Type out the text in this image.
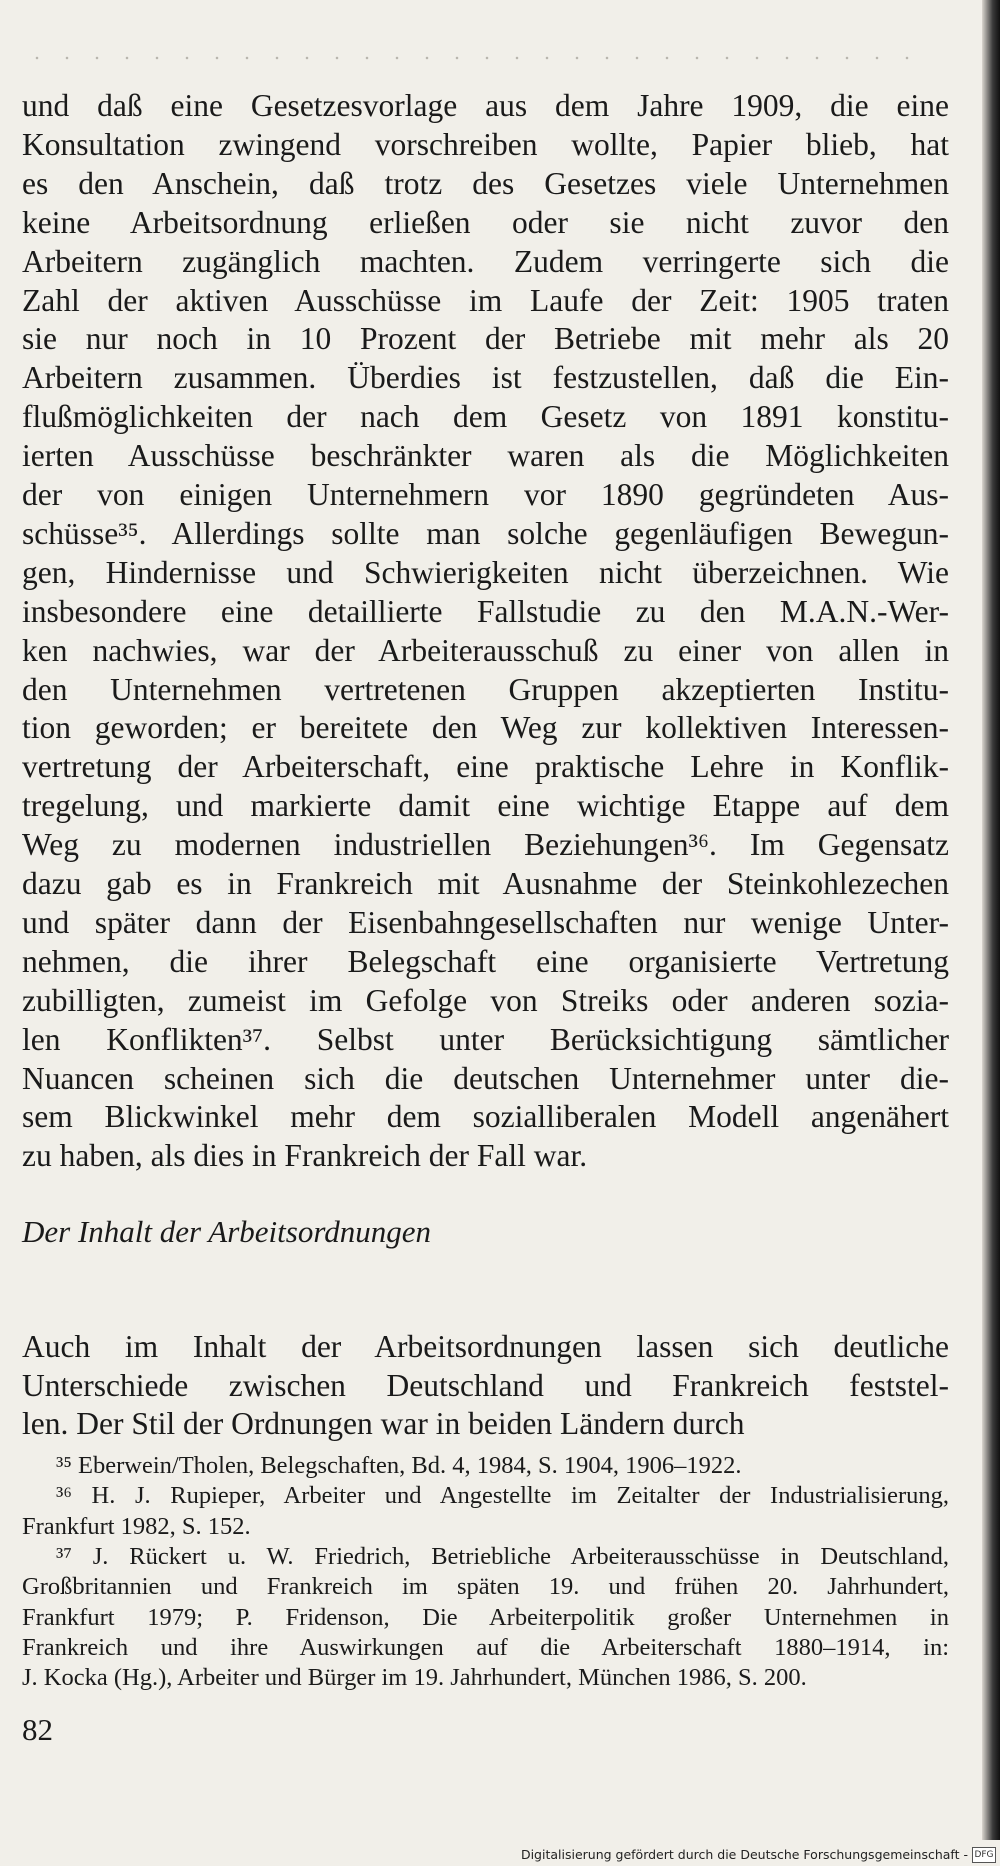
und daß eine Gesetzesvorlage aus dem Jahre 1909, die eine
Konsultation zwingend vorschreiben wollte, Papier blieb, hat
es den Anschein, daß trotz des Gesetzes viele Unternehmen
keine Arbeitsordnung erließen oder sie nicht zuvor den
Arbeitern zugänglich machten. Zudem verringerte sich die
Zahl der aktiven Ausschüsse im Laufe der Zeit: 1905 traten
sie nur noch in 10 Prozent der Betriebe mit mehr als 20
Arbeitern zusammen. Überdies ist festzustellen, daß die Ein-
flußmöglichkeiten der nach dem Gesetz von 1891 konstitu-
ierten Ausschüsse beschränkter waren als die Möglichkeiten
der von einigen Unternehmern vor 1890 gegründeten Aus-
schüsse³⁵. Allerdings sollte man solche gegenläufigen Bewegun-
gen, Hindernisse und Schwierigkeiten nicht überzeichnen. Wie
insbesondere eine detaillierte Fallstudie zu den M.A.N.-Wer-
ken nachwies, war der Arbeiterausschuß zu einer von allen in
den Unternehmen vertretenen Gruppen akzeptierten Institu-
tion geworden; er bereitete den Weg zur kollektiven Interessen-
vertretung der Arbeiterschaft, eine praktische Lehre in Konflik-
tregelung, und markierte damit eine wichtige Etappe auf dem
Weg zu modernen industriellen Beziehungen³⁶. Im Gegensatz
dazu gab es in Frankreich mit Ausnahme der Steinkohlezechen
und später dann der Eisenbahngesellschaften nur wenige Unter-
nehmen, die ihrer Belegschaft eine organisierte Vertretung
zubilligten, zumeist im Gefolge von Streiks oder anderen sozia-
len Konflikten³⁷. Selbst unter Berücksichtigung sämtlicher
Nuancen scheinen sich die deutschen Unternehmer unter die-
sem Blickwinkel mehr dem sozialliberalen Modell angenähert
zu haben, als dies in Frankreich der Fall war.
Der Inhalt der Arbeitsordnungen
Auch im Inhalt der Arbeitsordnungen lassen sich deutliche
Unterschiede zwischen Deutschland und Frankreich feststel-
len. Der Stil der Ordnungen war in beiden Ländern durch
³⁵ Eberwein/Tholen, Belegschaften, Bd. 4, 1984, S. 1904, 1906–1922.
³⁶ H. J. Rupieper, Arbeiter und Angestellte im Zeitalter der Industrialisierung,
Frankfurt 1982, S. 152.
³⁷ J. Rückert u. W. Friedrich, Betriebliche Arbeiterausschüsse in Deutschland,
Großbritannien und Frankreich im späten 19. und frühen 20. Jahrhundert,
Frankfurt 1979; P. Fridenson, Die Arbeiterpolitik großer Unternehmen in
Frankreich und ihre Auswirkungen auf die Arbeiterschaft 1880–1914, in:
J. Kocka (Hg.), Arbeiter und Bürger im 19. Jahrhundert, München 1986, S. 200.
82
Digitalisierung gefördert durch die Deutsche Forschungsgemeinschaft - DFG
